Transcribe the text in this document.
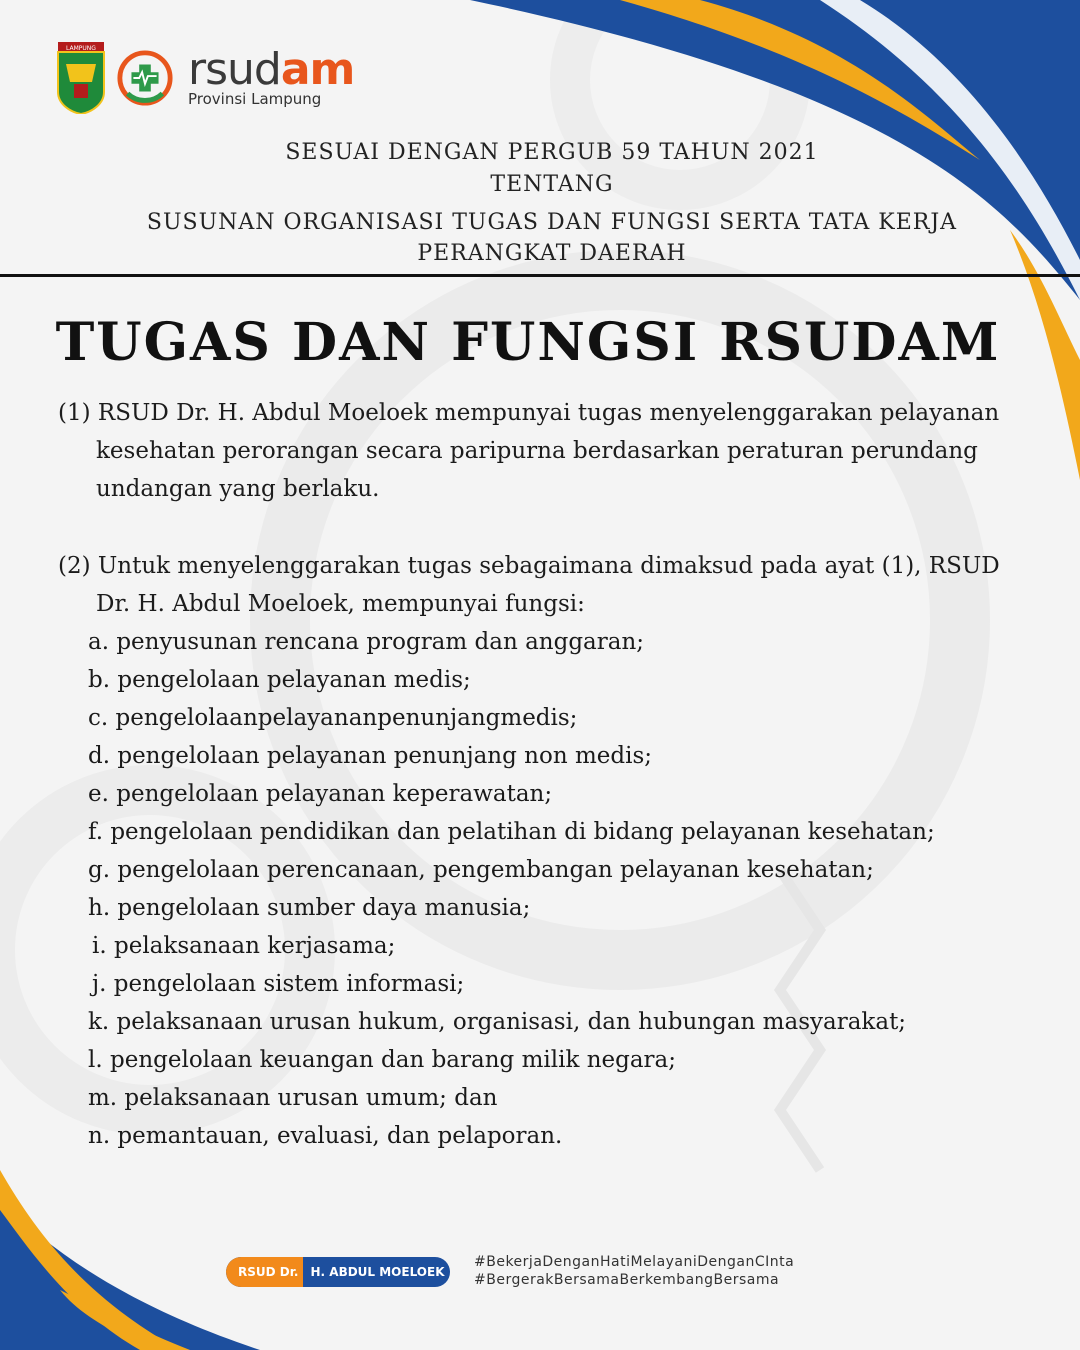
LAMPUNG rsudam
Provinsi Lampung
SESUAI DENGAN PERGUB 59 TAHUN 2021
TENTANG
SUSUNAN ORGANISASI TUGAS DAN FUNGSI SERTA TATA KERJA
PERANGKAT DAERAH
TUGAS DAN FUNGSI RSUDAM
(1) RSUD Dr. H. Abdul Moeloek mempunyai tugas menyelenggarakan pelayanan
kesehatan perorangan secara paripurna berdasarkan peraturan perundang
undangan yang berlaku.
(2) Untuk menyelenggarakan tugas sebagaimana dimaksud pada ayat (1), RSUD
Dr. H. Abdul Moeloek, mempunyai fungsi:
a. penyusunan rencana program dan anggaran;
b. pengelolaan pelayanan medis;
c. pengelolaanpelayananpenunjangmedis;
d. pengelolaan pelayanan penunjang non medis;
e. pengelolaan pelayanan keperawatan;
f. pengelolaan pendidikan dan pelatihan di bidang pelayanan kesehatan;
g. pengelolaan perencanaan, pengembangan pelayanan kesehatan;
h. pengelolaan sumber daya manusia;
i. pelaksanaan kerjasama;
j. pengelolaan sistem informasi;
k. pelaksanaan urusan hukum, organisasi, dan hubungan masyarakat;
l. pengelolaan keuangan dan barang milik negara;
m. pelaksanaan urusan umum; dan
n. pemantauan, evaluasi, dan pelaporan.
RSUD Dr.	H. ABDUL MOELOEK
#BekerjaDenganHatiMelayaniDenganCInta
#BergerakBersamaBerkembangBersama
